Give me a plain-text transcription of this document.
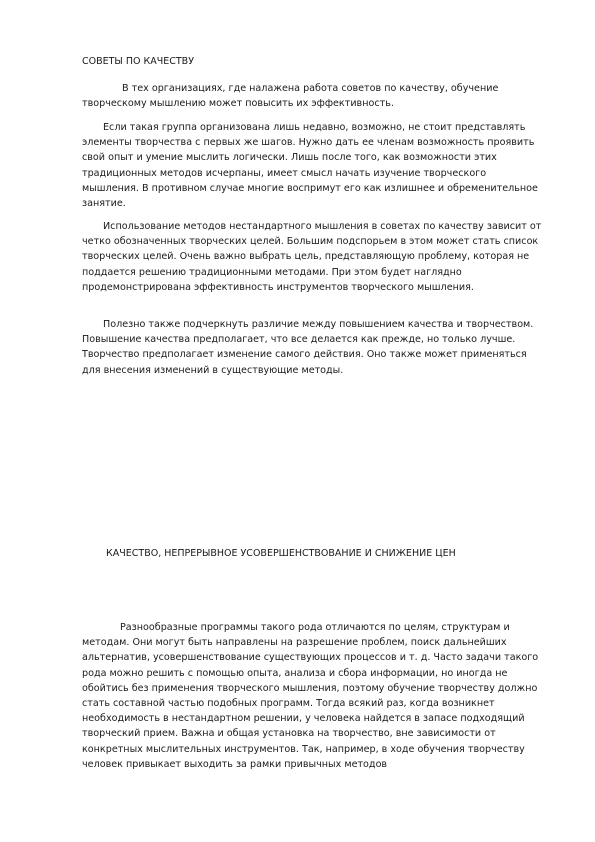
СОВЕТЫ ПО КАЧЕСТВУ

В тех организациях, где налажена работа советов по качеству, обучение творческому мышлению может повысить их эффективность.

Если такая группа организована лишь недавно, возможно, не стоит представлять элементы творчества с первых же шагов. Нужно дать ее членам возможность проявить свой опыт и умение мыслить логически. Лишь после того, как возможности этих традиционных методов исчерпаны, имеет смысл начать изучение творческого мышления. В противном случае многие воспримут его как излишнее и обременительное занятие.

Использование методов нестандартного мышления в советах по качеству зависит от четко обозначенных творческих целей. Большим подспорьем в этом может стать список творческих целей. Очень важно выбрать цель, представляющую проблему, которая не поддается решению традиционными методами. При этом будет наглядно продемонстрирована эффективность инструментов творческого мышления.

Полезно также подчеркнуть различие между повышением качества и творчеством. Повышение качества предполагает, что все делается как прежде, но только лучше. Творчество предполагает изменение самого действия. Оно также может применяться для внесения изменений в существующие методы.

КАЧЕСТВО, НЕПРЕРЫВНОЕ УСОВЕРШЕНСТВОВАНИЕ И СНИЖЕНИЕ ЦЕН

Разнообразные программы такого рода отличаются по целям, структурам и методам. Они могут быть направлены на разрешение проблем, поиск дальнейших альтернатив, усовершенствование существующих процессов и т. д. Часто задачи такого рода можно решить с помощью опыта, анализа и сбора информации, но иногда не обойтись без применения творческого мышления, поэтому обучение творчеству должно стать составной частью подобных программ. Тогда всякий раз, когда возникнет необходимость в нестандартном решении, у человека найдется в запасе подходящий творческий прием. Важна и общая установка на творчество, вне зависимости от конкретных мыслительных инструментов. Так, например, в ходе обучения творчеству человек привыкает выходить за рамки привычных методов
